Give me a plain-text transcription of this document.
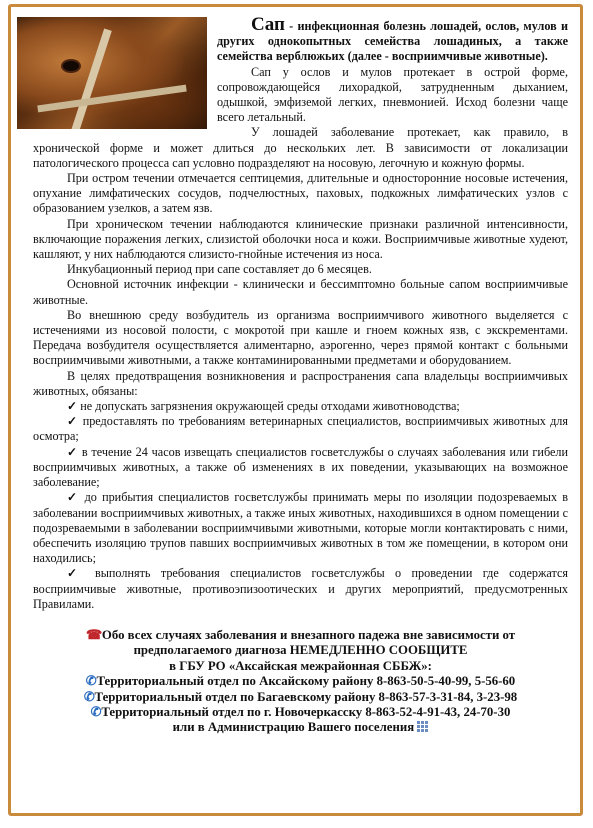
Сап - инфекционная болезнь лошадей, ослов, мулов и других однокопытных семейства лошадиных, а также семейства верблюжьих (далее - восприимчивые животные).

Сап у ослов и мулов протекает в острой форме, сопровождающейся лихорадкой, затрудненным дыханием, одышкой, эмфиземой легких, пневмонией. Исход болезни чаще всего летальный.

У лошадей заболевание протекает, как правило, в хронической форме и может длиться до нескольких лет. В зависимости от локализации патологического процесса сап условно подразделяют на носовую, легочную и кожную формы.

При остром течении отмечается септицемия, длительные и односторонние носовые истечения, опухание лимфатических сосудов, подчелюстных, паховых, подкожных лимфатических узлов с образованием узелков, а затем язв.

При хроническом течении наблюдаются клинические признаки различной интенсивности, включающие поражения легких, слизистой оболочки носа и кожи. Восприимчивые животные худеют, кашляют, у них наблюдаются слизисто-гнойные истечения из носа.

Инкубационный период при сапе составляет до 6 месяцев.

Основной источник инфекции - клинически и бессимптомно больные сапом восприимчивые животные.

Во внешнюю среду возбудитель из организма восприимчивого животного выделяется с истечениями из носовой полости, с мокротой при кашле и гноем кожных язв, с экскрементами. Передача возбудителя осуществляется алиментарно, аэрогенно, через прямой контакт с больными восприимчивыми животными, а также контаминированными предметами и оборудованием.

В целях предотвращения возникновения и распространения сапа владельцы восприимчивых животных, обязаны:

✓ не допускать загрязнения окружающей среды отходами животноводства;

✓ предоставлять по требованиям ветеринарных специалистов, восприимчивых животных для осмотра;

✓ в течение 24 часов извещать специалистов госветслужбы о случаях заболевания или гибели восприимчивых животных, а также об изменениях в их поведении, указывающих на возможное заболевание;

✓ до прибытия специалистов госветслужбы принимать меры по изоляции подозреваемых в заболевании восприимчивых животных, а также иных животных, находившихся в одном помещении с подозреваемыми в заболевании восприимчивыми животными, которые могли контактировать с ними, обеспечить изоляцию трупов павших восприимчивых животных в том же помещении, в котором они находились;

✓ выполнять требования специалистов госветслужбы о проведении где содержатся восприимчивые животные, противоэпизоотических и других мероприятий, предусмотренных Правилами.

☎Обо всех случаях заболевания и внезапного падежа вне зависимости от
предполагаемого диагноза НЕМЕДЛЕННО СООБЩИТЕ
в ГБУ РО «Аксайская межрайонная СББЖ»:
✆Территориальный отдел по Аксайскому району 8-863-50-5-40-99, 5-56-60
✆Территориальный отдел по Багаевскому району 8-863-57-3-31-84, 3-23-98
✆Территориальный отдел по г. Новочеркасску 8-863-52-4-91-43, 24-70-30
или в Администрацию Вашего поселения
